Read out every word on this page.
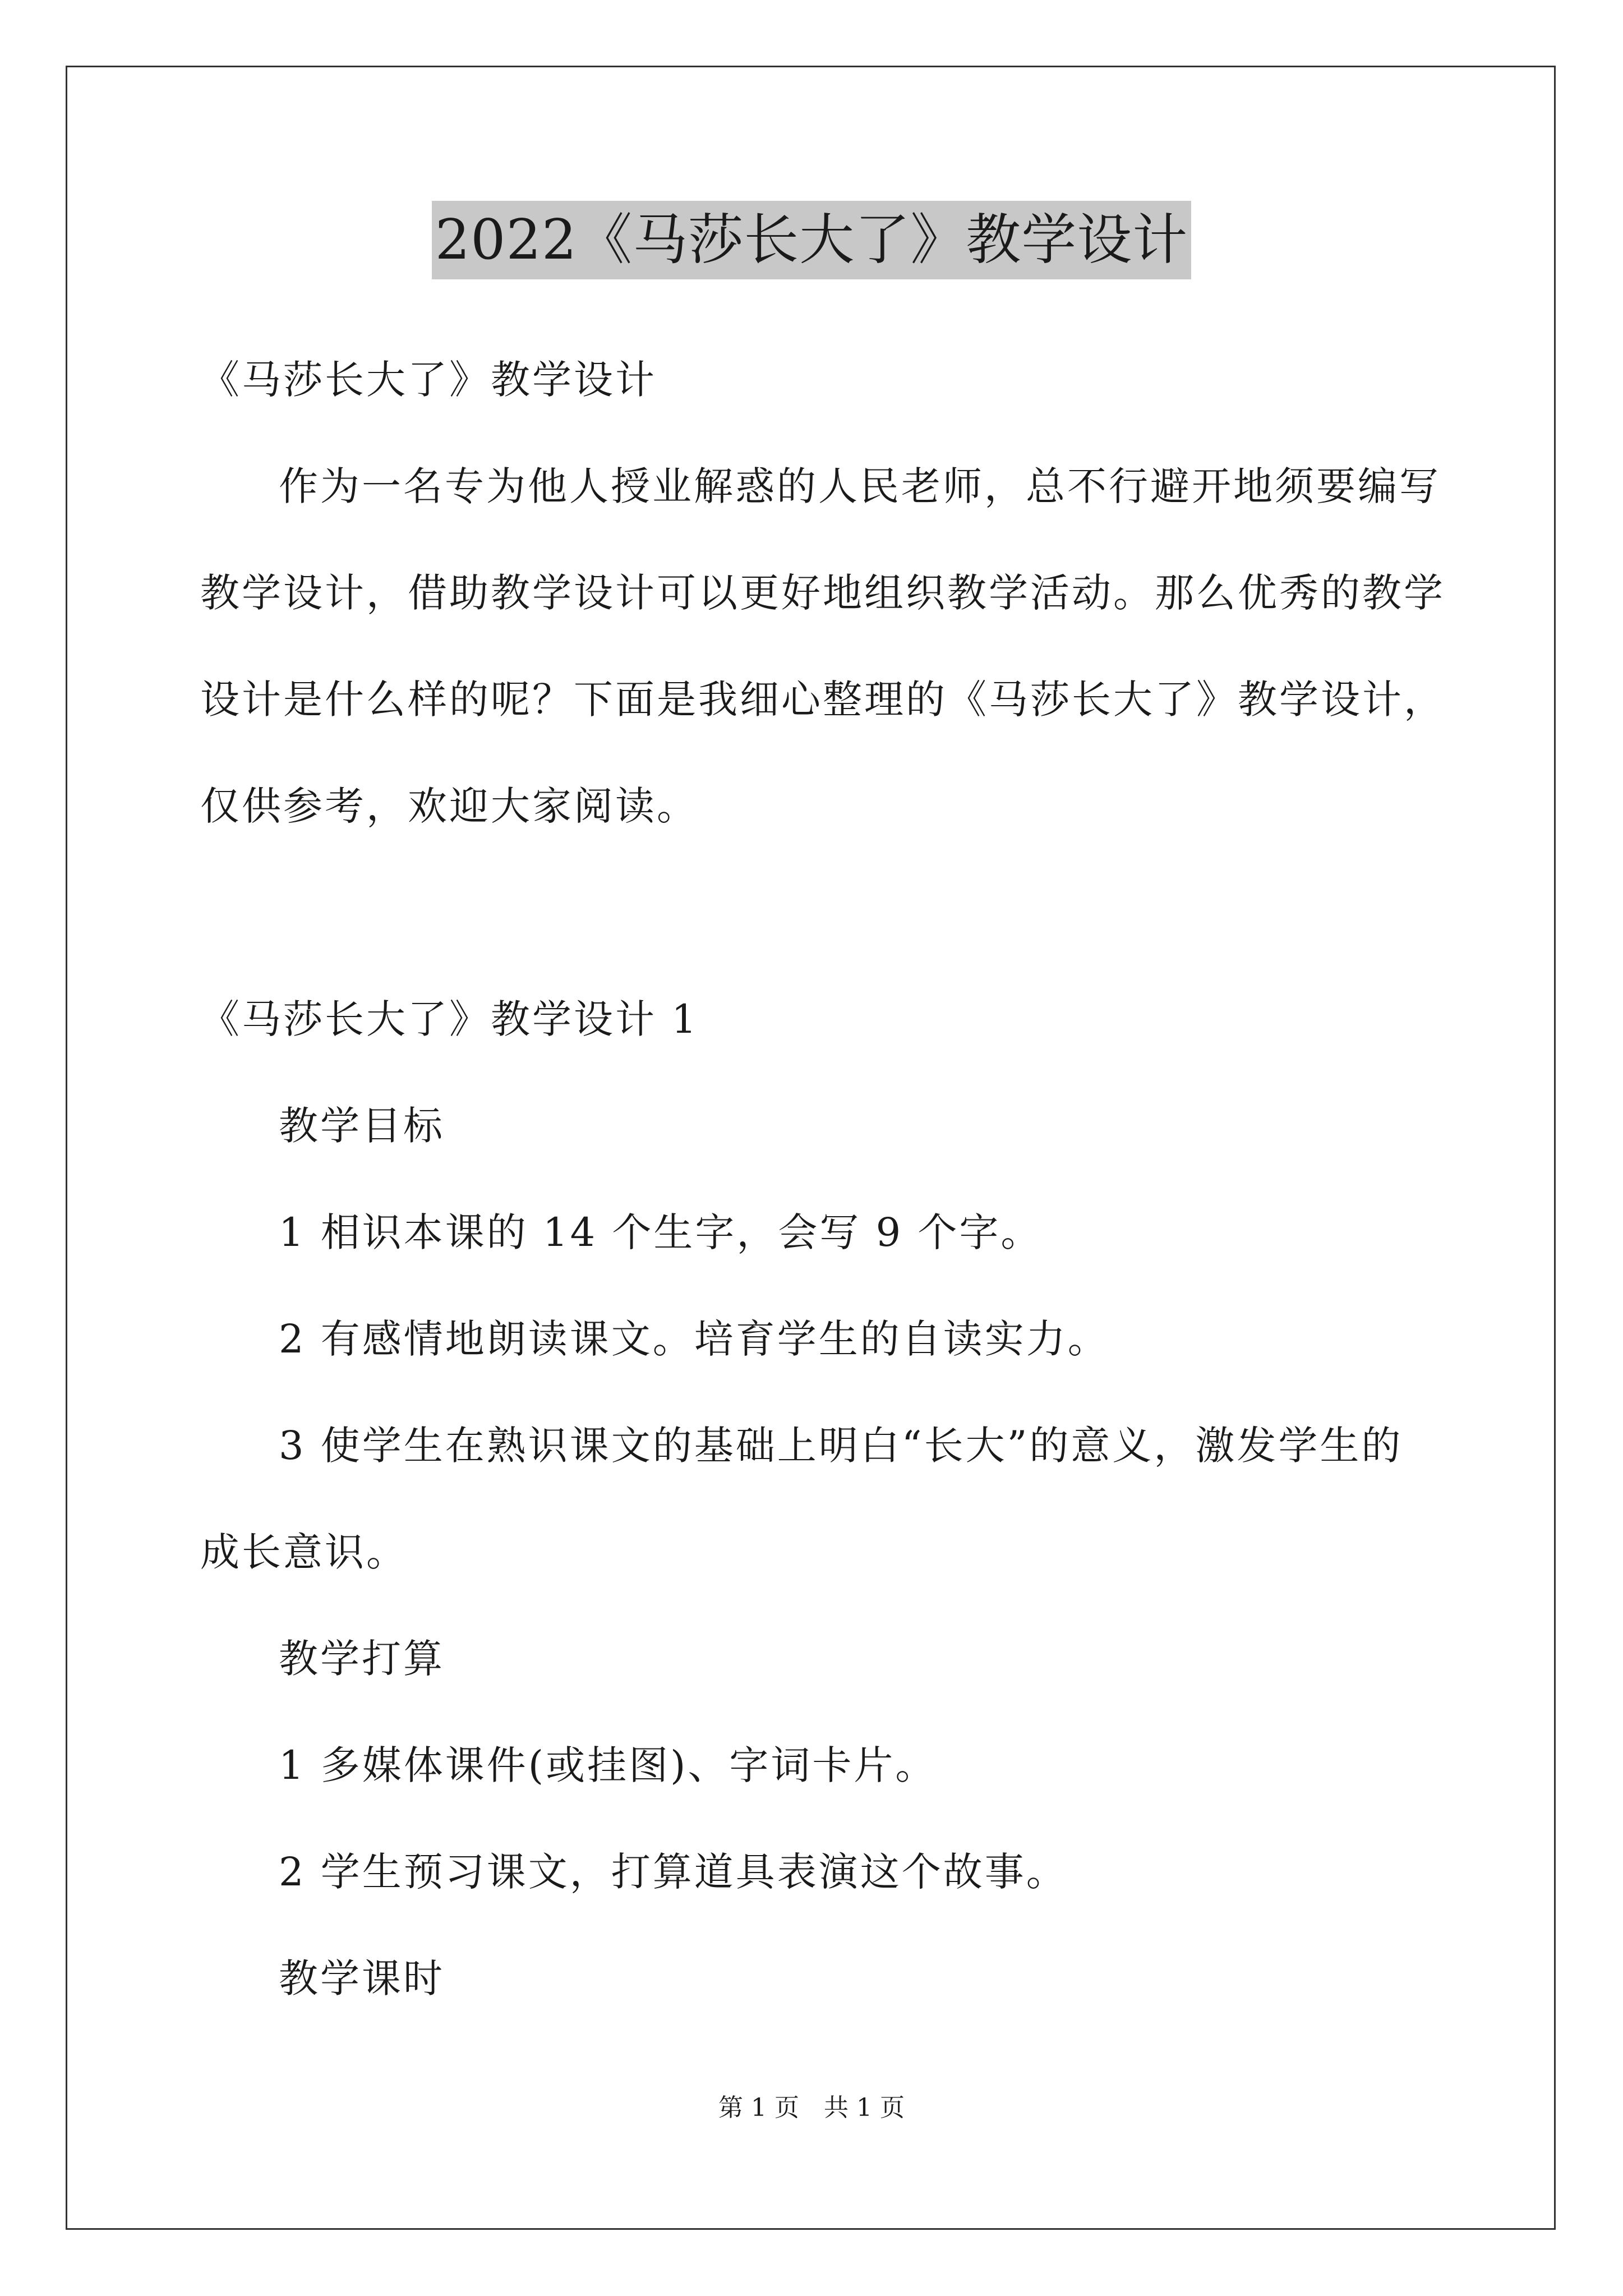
2022《马莎长大了》教学设计
《马莎长大了》教学设计
作为一名专为他人授业解惑的人民老师，总不行避开地须要编写
教学设计，借助教学设计可以更好地组织教学活动。那么优秀的教学
设计是什么样的呢？下面是我细心整理的《马莎长大了》教学设计，
仅供参考，欢迎大家阅读。
《马莎长大了》教学设计 1
教学目标
1 相识本课的 14 个生字，会写 9 个字。
2 有感情地朗读课文。培育学生的自读实力。
3 使学生在熟识课文的基础上明白“长大”的意义，激发学生的
成长意识。
教学打算
1 多媒体课件(或挂图)、字词卡片。
2 学生预习课文，打算道具表演这个故事。
教学课时
第 1 页　共 1 页
